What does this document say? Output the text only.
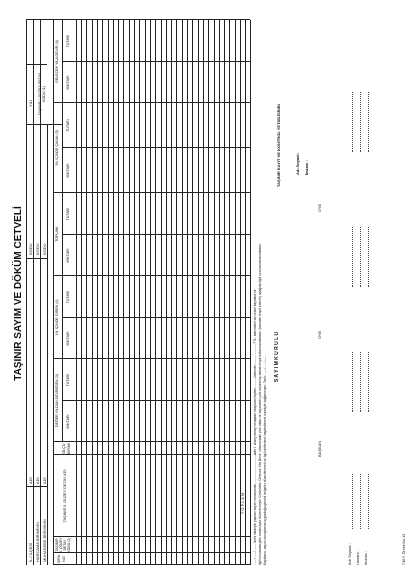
TAŞINIR SAYIM VE DÖKÜM CETVELİ
İL / İLÇESİ
ADI
HARCAMA BİRİMİNİN
ADI
KODU
MUHASEBE BİRİMİNİN
ADI
KODU
KODU
YILI TAŞINIR I. DÜZEY DETAY KODU (1)
SIRA NO
TAŞINIR II. DÜZEY DETAY KODU (2)
TAŞINIR II. DÜZEY DETAY ADI
ÖLÇÜ BİRİMİ
DEĞER YILDAN DEVREDEN (3)
YIL İÇİNDE GİREN (4)
TOPLAM
YIL İÇİNDE ÇIKAN (5)
GELECEK YILA DEVİR (6)
MİKTARI
TUTARI
MİKTARI
TUTARI
MİKTARI
TUTARI
MİKTARI
TUTARI
MİKTARI
TUTARI
T O P L A M ...... / ...../ ....... tarihi itibariyle yapılan sayım sonucunda ...............................adet I. düzey detay hesaptan oluşturan toplam ..........kalemde.......................YTL. kalemdeki bu cetvel kayıtlara ve ilgili mevzuata göre tutulmuştur düzenlemiştir. Cetveldeki 'Gelecek Yıla Devir' sütunundaki çıktı tutarı ve sayımdaki çıktı bulunmuş olarak tespit bulunmamaktadır. (bulunan tespit ederek) aşağıda ilgili sıra bulunmamaktadır. Kayıtların, sayım sonuçlarına uygunluğu gerekli belgeler düzenlenerek ve ilgili defterlere kaydedilmesi suretiyle sağlanmıştır. Tarih: ....../....../...... S A Y I M K U R U L U
TAŞINIR KAYIT VE KONTROL YETKİLİSİNİN	Adı Soyadı: İmzası :
BAŞKAN
ÜYE
ÜYE
Adı Soyadı : Unvanı : İmzası :	T.M.Y. Örnek No:13
